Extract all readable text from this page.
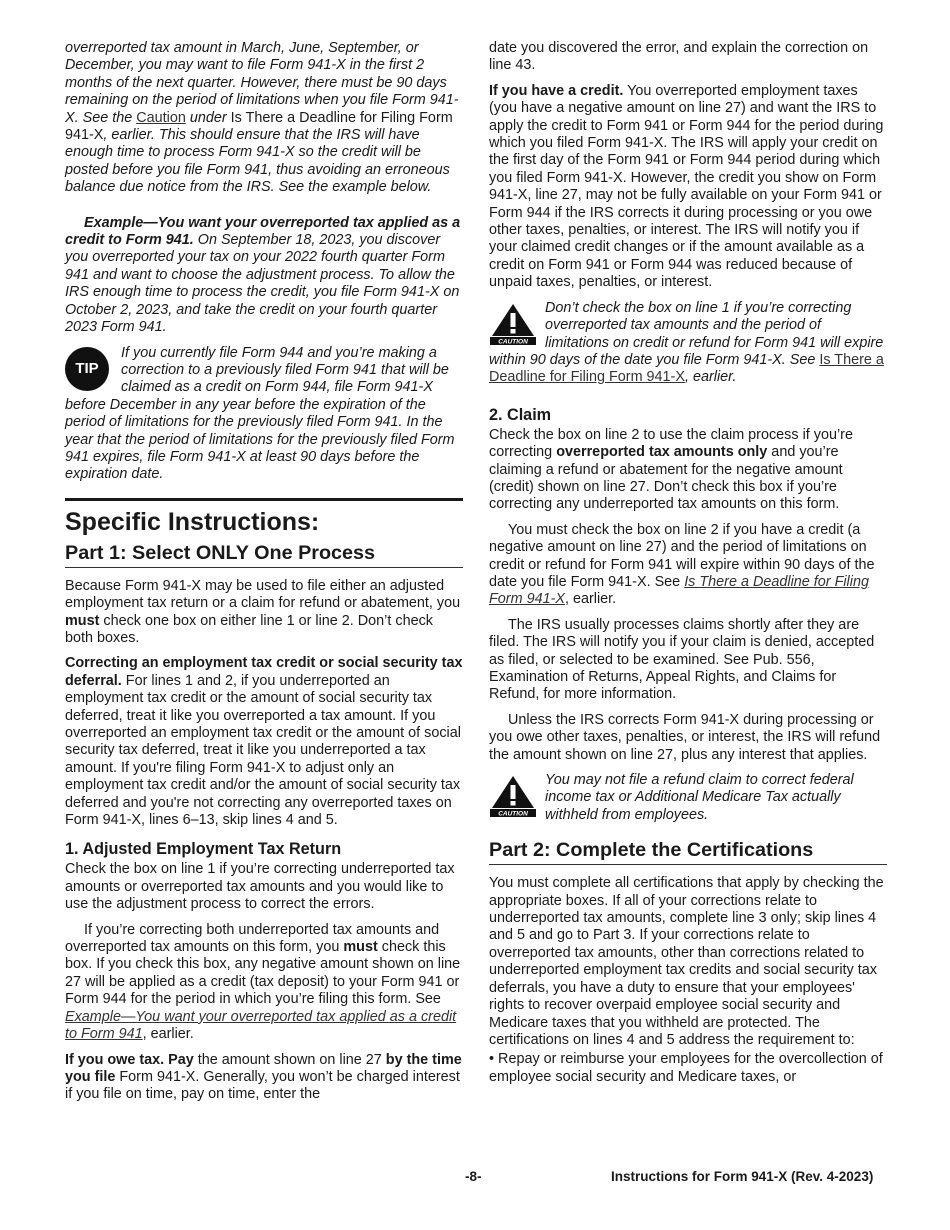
overreported tax amount in March, June, September, or December, you may want to file Form 941-X in the first 2 months of the next quarter. However, there must be 90 days remaining on the period of limitations when you file Form 941-X. See the Caution under Is There a Deadline for Filing Form 941-X, earlier. This should ensure that the IRS will have enough time to process Form 941-X so the credit will be posted before you file Form 941, thus avoiding an erroneous balance due notice from the IRS. See the example below.

Example—You want your overreported tax applied as a credit to Form 941. On September 18, 2023, you discover you overreported your tax on your 2022 fourth quarter Form 941 and want to choose the adjustment process. To allow the IRS enough time to process the credit, you file Form 941-X on October 2, 2023, and take the credit on your fourth quarter 2023 Form 941.

TIP
If you currently file Form 944 and you’re making a correction to a previously filed Form 941 that will be claimed as a credit on Form 944, file Form 941-X before December in any year before the expiration of the period of limitations for the previously filed Form 941. In the year that the period of limitations for the previously filed Form 941 expires, file Form 941-X at least 90 days before the expiration date.
Specific Instructions:
Part 1: Select ONLY One Process

Because Form 941-X may be used to file either an adjusted employment tax return or a claim for refund or abatement, you must check one box on either line 1 or line 2. Don’t check both boxes.

Correcting an employment tax credit or social security tax deferral. For lines 1 and 2, if you underreported an employment tax credit or the amount of social security tax deferred, treat it like you overreported a tax amount. If you overreported an employment tax credit or the amount of social security tax deferred, treat it like you underreported a tax amount. If you're filing Form 941-X to adjust only an employment tax credit and/or the amount of social security tax deferred and you're not correcting any overreported taxes on Form 941-X, lines 6–13, skip lines 4 and 5.

1. Adjusted Employment Tax Return

Check the box on line 1 if you’re correcting underreported tax amounts or overreported tax amounts and you would like to use the adjustment process to correct the errors.

If you’re correcting both underreported tax amounts and overreported tax amounts on this form, you must check this box. If you check this box, any negative amount shown on line 27 will be applied as a credit (tax deposit) to your Form 941 or Form 944 for the period in which you’re filing this form. See Example—You want your overreported tax applied as a credit to Form 941, earlier.

If you owe tax. Pay the amount shown on line 27 by the time you file Form 941-X. Generally, you won’t be charged interest if you file on time, pay on time, enter the

date you discovered the error, and explain the correction on line 43.

If you have a credit. You overreported employment taxes (you have a negative amount on line 27) and want the IRS to apply the credit to Form 941 or Form 944 for the period during which you filed Form 941-X. The IRS will apply your credit on the first day of the Form 941 or Form 944 period during which you filed Form 941-X. However, the credit you show on Form 941-X, line 27, may not be fully available on your Form 941 or Form 944 if the IRS corrects it during processing or you owe other taxes, penalties, or interest. The IRS will notify you if your claimed credit changes or if the amount available as a credit on Form 941 or Form 944 was reduced because of unpaid taxes, penalties, or interest.

CAUTION
Don’t check the box on line 1 if you’re correcting overreported tax amounts and the period of limitations on credit or refund for Form 941 will expire within 90 days of the date you file Form 941-X. See Is There a Deadline for Filing Form 941-X, earlier.
2. Claim

Check the box on line 2 to use the claim process if you’re correcting overreported tax amounts only and you’re claiming a refund or abatement for the negative amount (credit) shown on line 27. Don’t check this box if you’re correcting any underreported tax amounts on this form.

You must check the box on line 2 if you have a credit (a negative amount on line 27) and the period of limitations on credit or refund for Form 941 will expire within 90 days of the date you file Form 941-X. See Is There a Deadline for Filing Form 941-X, earlier.

The IRS usually processes claims shortly after they are filed. The IRS will notify you if your claim is denied, accepted as filed, or selected to be examined. See Pub. 556, Examination of Returns, Appeal Rights, and Claims for Refund, for more information.

Unless the IRS corrects Form 941-X during processing or you owe other taxes, penalties, or interest, the IRS will refund the amount shown on line 27, plus any interest that applies.

CAUTION
You may not file a refund claim to correct federal income tax or Additional Medicare Tax actually withheld from employees.
Part 2: Complete the Certifications

You must complete all certifications that apply by checking the appropriate boxes. If all of your corrections relate to underreported tax amounts, complete line 3 only; skip lines 4 and 5 and go to Part 3. If your corrections relate to overreported tax amounts, other than corrections related to underreported employment tax credits and social security tax deferrals, you have a duty to ensure that your employees' rights to recover overpaid employee social security and Medicare taxes that you withheld are protected. The certifications on lines 4 and 5 address the requirement to:

• Repay or reimburse your employees for the overcollection of employee social security and Medicare taxes, or

-8-	Instructions for Form 941-X (Rev. 4-2023)
